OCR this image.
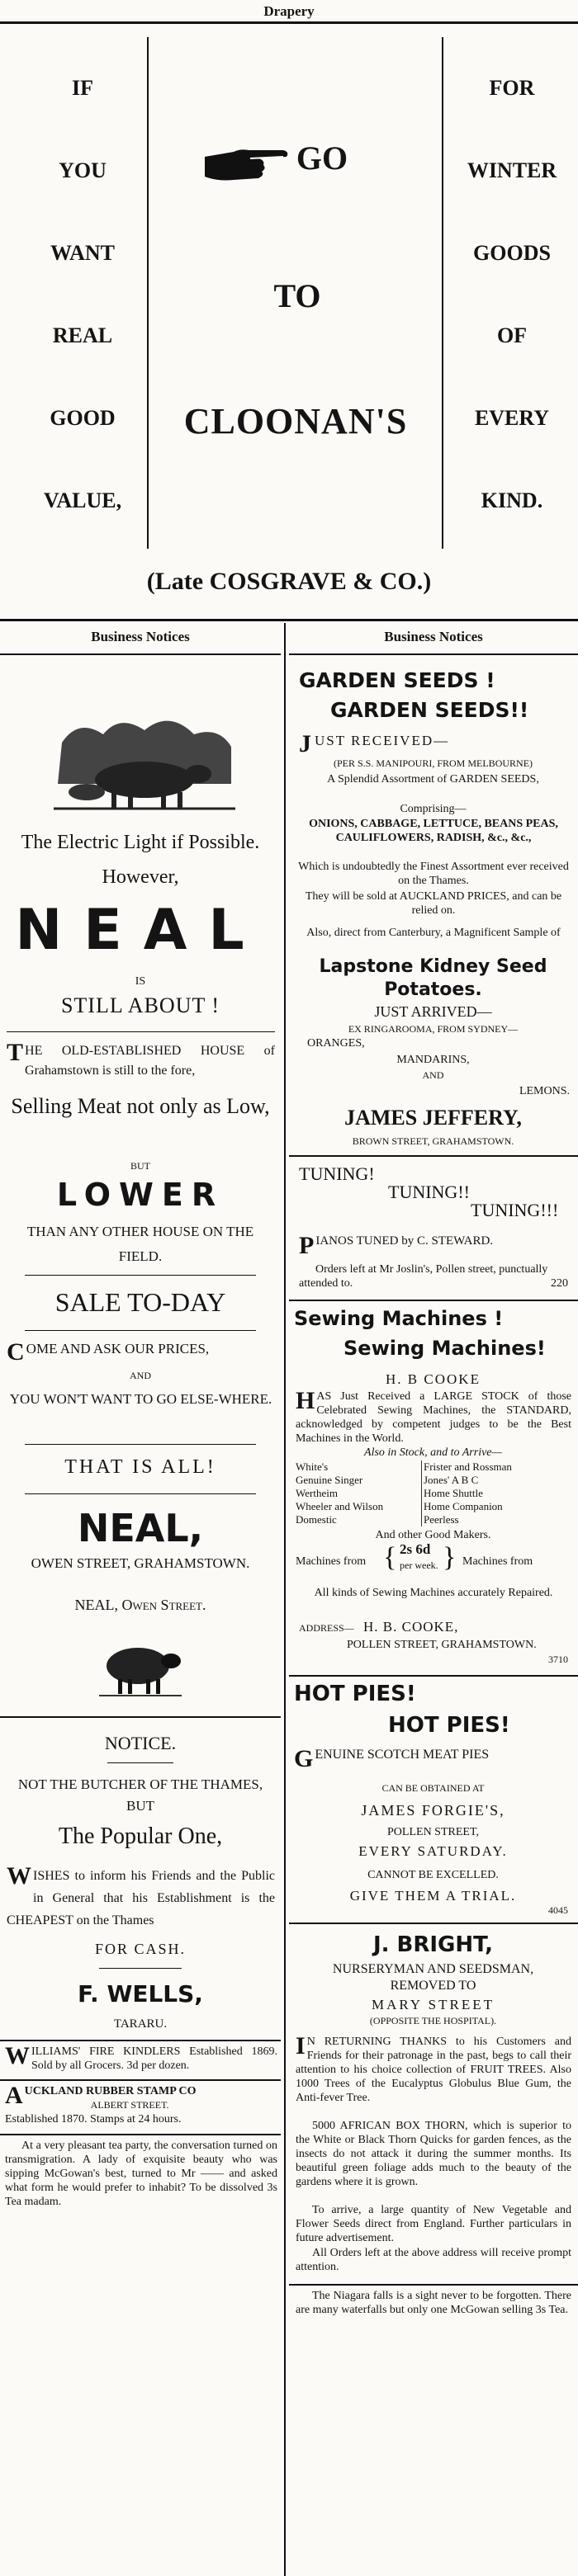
Drapery
IF
YOU
WANT
REAL
GOOD
VALUE,
GO
TO
CLOONAN'S
FOR
WINTER
GOODS
OF
EVERY
KIND.
(Late COSGRAVE & CO.)
Business Notices	Business Notices
The Electric Light if Possible.
However,
NEAL
IS
STILL ABOUT !
THE OLD-ESTABLISHED HOUSE of Grahamstown is still to the fore,
Selling Meat not only as Low,
BUT
LOWER
THAN ANY OTHER HOUSE ON THE FIELD.
SALE TO-DAY
COME AND ASK OUR PRICES,
AND
YOU WON'T WANT TO GO ELSE-WHERE.
THAT IS ALL!
NEAL,
OWEN STREET, GRAHAMSTOWN.
NEAL, Owen Street.
NOTICE.
NOT THE BUTCHER OF THE THAMES, BUT
The Popular One,
WISHES to inform his Friends and the Public in General that his Establishment is the CHEAPEST on the Thames
FOR CASH.
F. WELLS,
TARARU.
WILLIAMS' FIRE KINDLERS Established 1869. Sold by all Grocers. 3d per dozen.
AUCKLAND RUBBER STAMP CO
ALBERT STREET.
Established 1870. Stamps at 24 hours.
At a very pleasant tea party, the conversation turned on transmigration. A lady of exquisite beauty who was sipping McGowan's best, turned to Mr —— and asked what form he would prefer to inhabit? To be dissolved 3s Tea madam.
GARDEN SEEDS !
GARDEN SEEDS!!
JUST RECEIVED—
(PER S.S. MANIPOURI, FROM MELBOURNE)
A Splendid Assortment of GARDEN SEEDS,
Comprising—
ONIONS, CABBAGE, LETTUCE, BEANS PEAS, CAULIFLOWERS, RADISH, &c., &c.,
Which is undoubtedly the Finest Assortment ever received on the Thames.
They will be sold at AUCKLAND PRICES, and can be relied on.
Also, direct from Canterbury, a Magnificent Sample of
Lapstone Kidney Seed Potatoes.
JUST ARRIVED—
EX RINGAROOMA, FROM SYDNEY—
ORANGES,
MANDARINS,
AND
LEMONS.
JAMES JEFFERY,
BROWN STREET, GRAHAMSTOWN.
TUNING!
TUNING!!
TUNING!!!
PIANOS TUNED by C. STEWARD.
Orders left at Mr Joslin's, Pollen street, punctually attended to.	220
Sewing Machines !
Sewing Machines!
H. B COOKE
HAS Just Received a LARGE STOCK of those Celebrated Sewing Machines, the STANDARD, acknowledged by competent judges to be the Best Machines in the World.
Also in Stock, and to Arrive—
White's	Frister and Rossman
Genuine Singer	Jones' A B C
Wertheim	Home Shuttle
Wheeler and Wilson	Home Companion
Domestic	Peerless
And other Good Makers.
Machines from { 2s 6d
per week. } Machines from
All kinds of Sewing Machines accurately Repaired.
ADDRESS— H. B. COOKE,
POLLEN STREET, GRAHAMSTOWN.
3710
HOT PIES!
HOT PIES!
GENUINE SCOTCH MEAT PIES
CAN BE OBTAINED AT
JAMES FORGIE'S,
POLLEN STREET,
EVERY SATURDAY.
CANNOT BE EXCELLED.
GIVE THEM A TRIAL.
4045
J. BRIGHT,
NURSERYMAN AND SEEDSMAN,
REMOVED TO
MARY STREET
(OPPOSITE THE HOSPITAL).
I N RETURNING THANKS to his Customers and Friends for their patronage in the past, begs to call their attention to his choice collection of FRUIT TREES. Also 1000 Trees of the Eucalyptus Globulus Blue Gum, the Anti-fever Tree.
5000 AFRICAN BOX THORN, which is superior to the White or Black Thorn Quicks for garden fences, as the insects do not attack it during the summer months. Its beautiful green foliage adds much to the beauty of the gardens where it is grown.
To arrive, a large quantity of New Vegetable and Flower Seeds direct from England. Further particulars in future advertisement.
All Orders left at the above address will receive prompt attention.
The Niagara falls is a sight never to be forgotten. There are many waterfalls but only one McGowan selling 3s Tea.
